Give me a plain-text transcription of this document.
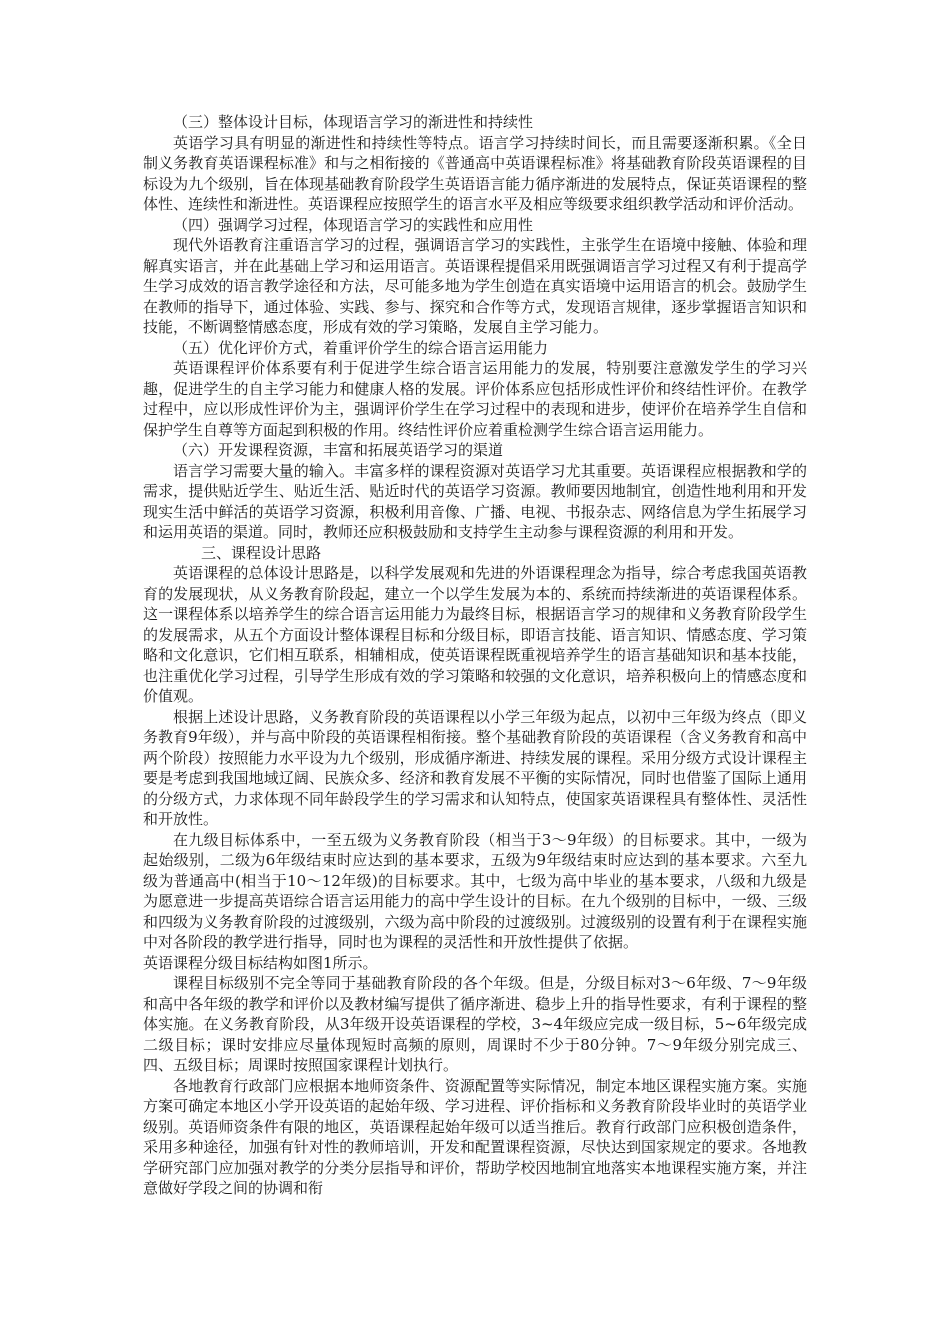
（三）整体设计目标，体现语言学习的渐进性和持续性

英语学习具有明显的渐进性和持续性等特点。语言学习持续时间长，而且需要逐渐积累。《全日制义务教育英语课程标准》和与之相衔接的《普通高中英语课程标准》将基础教育阶段英语课程的目标设为九个级别，旨在体现基础教育阶段学生英语语言能力循序渐进的发展特点，保证英语课程的整体性、连续性和渐进性。英语课程应按照学生的语言水平及相应等级要求组织教学活动和评价活动。

（四）强调学习过程，体现语言学习的实践性和应用性

现代外语教育注重语言学习的过程，强调语言学习的实践性，主张学生在语境中接触、体验和理解真实语言，并在此基础上学习和运用语言。英语课程提倡采用既强调语言学习过程又有利于提高学生学习成效的语言教学途径和方法，尽可能多地为学生创造在真实语境中运用语言的机会。鼓励学生在教师的指导下，通过体验、实践、参与、探究和合作等方式，发现语言规律，逐步掌握语言知识和技能，不断调整情感态度，形成有效的学习策略，发展自主学习能力。

（五）优化评价方式，着重评价学生的综合语言运用能力

英语课程评价体系要有利于促进学生综合语言运用能力的发展，特别要注意激发学生的学习兴趣，促进学生的自主学习能力和健康人格的发展。评价体系应包括形成性评价和终结性评价。在教学过程中，应以形成性评价为主，强调评价学生在学习过程中的表现和进步，使评价在培养学生自信和保护学生自尊等方面起到积极的作用。终结性评价应着重检测学生综合语言运用能力。

（六）开发课程资源，丰富和拓展英语学习的渠道

语言学习需要大量的输入。丰富多样的课程资源对英语学习尤其重要。英语课程应根据教和学的需求，提供贴近学生、贴近生活、贴近时代的英语学习资源。教师要因地制宜，创造性地利用和开发现实生活中鲜活的英语学习资源，积极利用音像、广播、电视、书报杂志、网络信息为学生拓展学习和运用英语的渠道。同时，教师还应积极鼓励和支持学生主动参与课程资源的利用和开发。

三、课程设计思路

英语课程的总体设计思路是，以科学发展观和先进的外语课程理念为指导，综合考虑我国英语教育的发展现状，从义务教育阶段起，建立一个以学生发展为本的、系统而持续渐进的英语课程体系。这一课程体系以培养学生的综合语言运用能力为最终目标，根据语言学习的规律和义务教育阶段学生的发展需求，从五个方面设计整体课程目标和分级目标，即语言技能、语言知识、情感态度、学习策略和文化意识，它们相互联系，相辅相成，使英语课程既重视培养学生的语言基础知识和基本技能，也注重优化学习过程，引导学生形成有效的学习策略和较强的文化意识，培养积极向上的情感态度和价值观。

根据上述设计思路，义务教育阶段的英语课程以小学三年级为起点，以初中三年级为终点（即义务教育9年级），并与高中阶段的英语课程相衔接。整个基础教育阶段的英语课程（含义务教育和高中两个阶段）按照能力水平设为九个级别，形成循序渐进、持续发展的课程。采用分级方式设计课程主要是考虑到我国地域辽阔、民族众多、经济和教育发展不平衡的实际情况，同时也借鉴了国际上通用的分级方式，力求体现不同年龄段学生的学习需求和认知特点，使国家英语课程具有整体性、灵活性和开放性。

在九级目标体系中，一至五级为义务教育阶段（相当于3～9年级）的目标要求。其中，一级为起始级别，二级为6年级结束时应达到的基本要求，五级为9年级结束时应达到的基本要求。六至九级为普通高中(相当于10～12年级)的目标要求。其中，七级为高中毕业的基本要求，八级和九级是为愿意进一步提高英语综合语言运用能力的高中学生设计的目标。在九个级别的目标中，一级、三级和四级为义务教育阶段的过渡级别，六级为高中阶段的过渡级别。过渡级别的设置有利于在课程实施中对各阶段的教学进行指导，同时也为课程的灵活性和开放性提供了依据。

英语课程分级目标结构如图1所示。

课程目标级别不完全等同于基础教育阶段的各个年级。但是，分级目标对3～6年级、7～9年级和高中各年级的教学和评价以及教材编写提供了循序渐进、稳步上升的指导性要求，有利于课程的整体实施。在义务教育阶段，从3年级开设英语课程的学校，3~4年级应完成一级目标，5~6年级完成二级目标；课时安排应尽量体现短时高频的原则，周课时不少于80分钟。7～9年级分别完成三、四、五级目标；周课时按照国家课程计划执行。

各地教育行政部门应根据本地师资条件、资源配置等实际情况，制定本地区课程实施方案。实施方案可确定本地区小学开设英语的起始年级、学习进程、评价指标和义务教育阶段毕业时的英语学业级别。英语师资条件有限的地区，英语课程起始年级可以适当推后。教育行政部门应积极创造条件，采用多种途径，加强有针对性的教师培训，开发和配置课程资源，尽快达到国家规定的要求。各地教学研究部门应加强对教学的分类分层指导和评价，帮助学校因地制宜地落实本地课程实施方案，并注意做好学段之间的协调和衔
